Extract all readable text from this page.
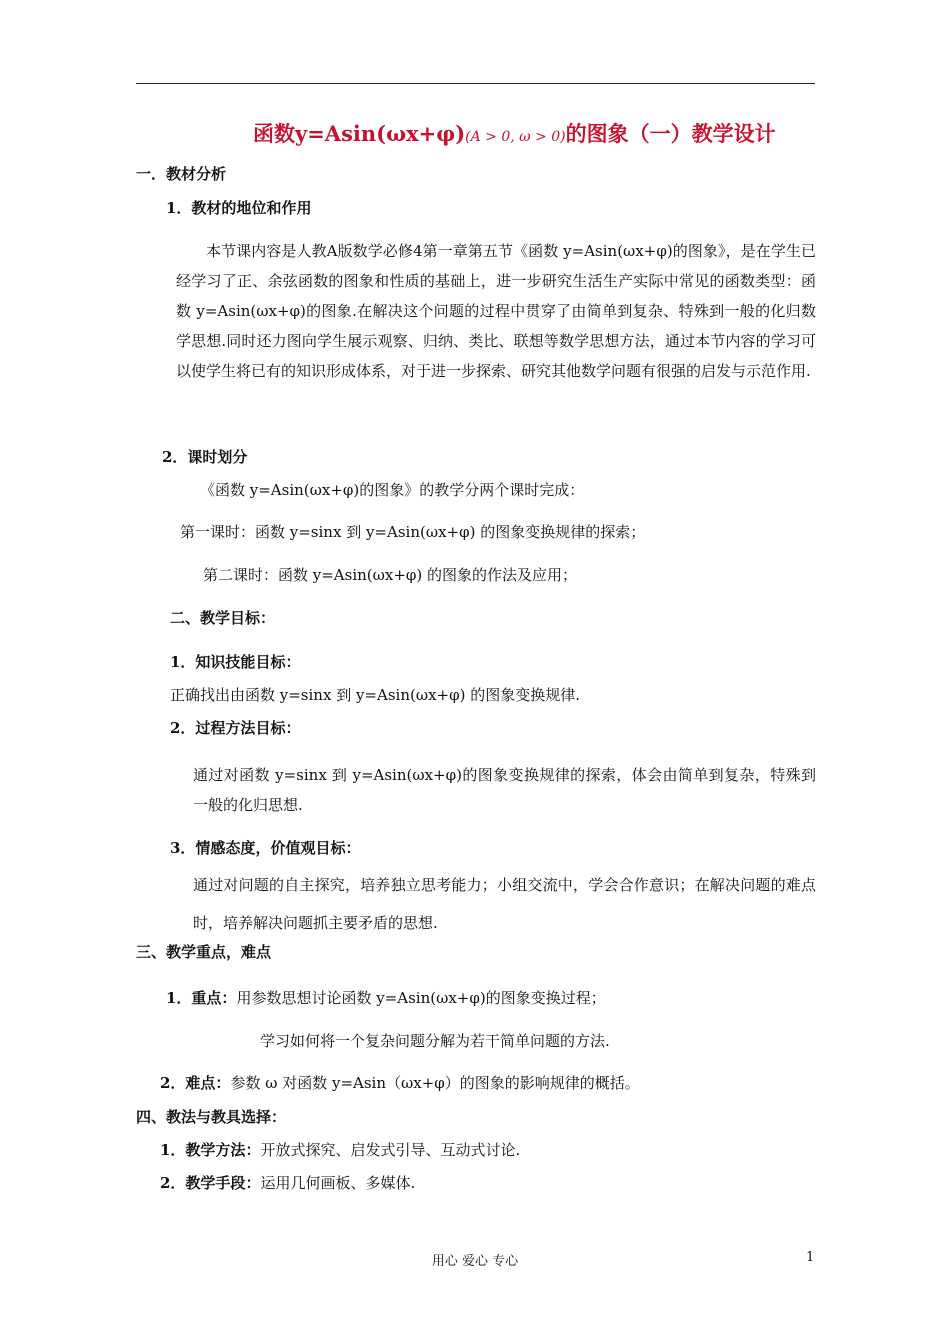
函数y=Asin(ωx+φ)(A > 0, ω > 0)的图象（一）教学设计
一．教材分析
1．教材的地位和作用
本节课内容是人教A版数学必修4第一章第五节《函数 y=Asin(ωx+φ)的图象》，是在学生已经学习了正、余弦函数的图象和性质的基础上，进一步研究生活生产实际中常见的函数类型：函数 y=Asin(ωx+φ)的图象.在解决这个问题的过程中贯穿了由简单到复杂、特殊到一般的化归数学思想.同时还力图向学生展示观察、归纳、类比、联想等数学思想方法，通过本节内容的学习可以使学生将已有的知识形成体系，对于进一步探索、研究其他数学问题有很强的启发与示范作用.
2．课时划分
《函数 y=Asin(ωx+φ)的图象》的教学分两个课时完成：
第一课时：函数 y=sinx 到 y=Asin(ωx+φ) 的图象变换规律的探索；
第二课时：函数 y=Asin(ωx+φ) 的图象的作法及应用；
二、教学目标：
1．知识技能目标：
正确找出由函数 y=sinx 到 y=Asin(ωx+φ) 的图象变换规律.
2．过程方法目标：
通过对函数 y=sinx 到 y=Asin(ωx+φ)的图象变换规律的探索，体会由简单到复杂，特殊到一般的化归思想.
3．情感态度，价值观目标：
通过对问题的自主探究，培养独立思考能力；小组交流中，学会合作意识；在解决问题的难点时，培养解决问题抓主要矛盾的思想.
三、教学重点，难点
1．重点：用参数思想讨论函数 y=Asin(ωx+φ)的图象变换过程；
学习如何将一个复杂问题分解为若干简单问题的方法.
2．难点：参数 ω 对函数 y=Asin（ωx+φ）的图象的影响规律的概括。
四、教法与教具选择：
1．教学方法：开放式探究、启发式引导、互动式讨论.
2．教学手段：运用几何画板、多媒体.
用心 爱心 专心	1
